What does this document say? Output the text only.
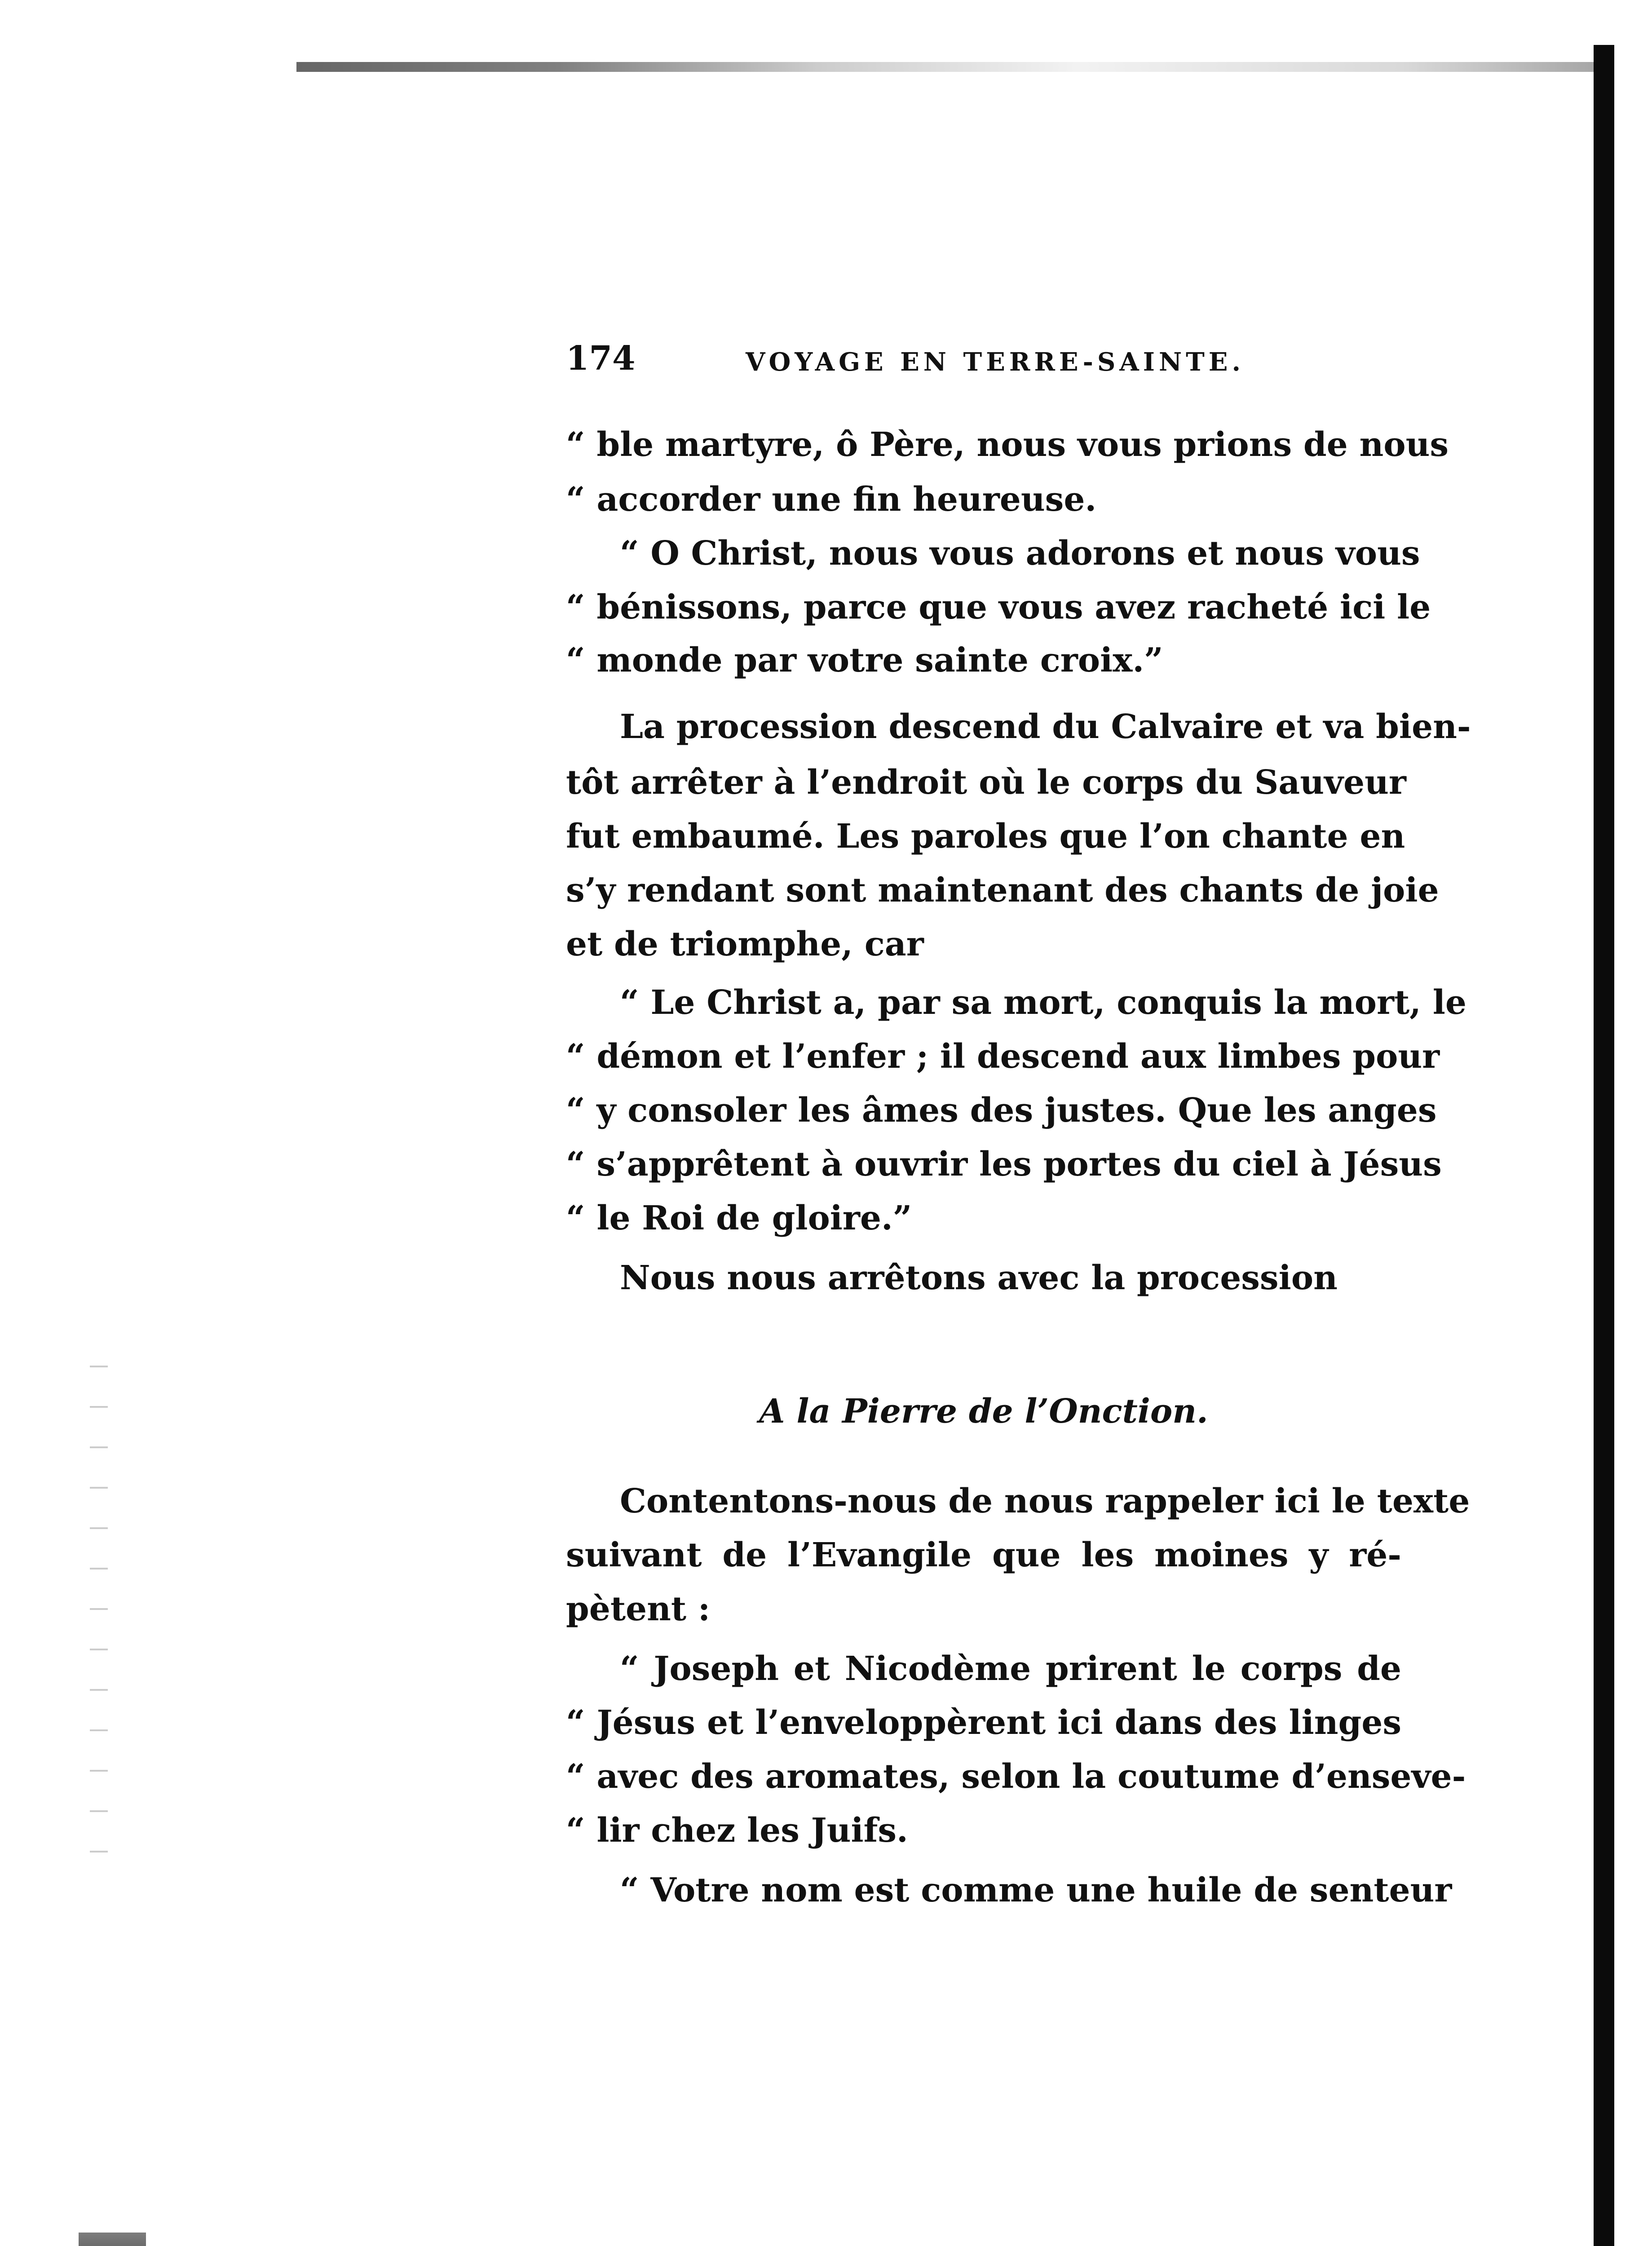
174	VOYAGE EN TERRE-SAINTE.
“ ble martyre, ô Père, nous vous prions de nous
“ accorder une fin heureuse.
“ O Christ, nous vous adorons et nous vous
“ bénissons, parce que vous avez racheté ici le
“ monde par votre sainte croix.”
La procession descend du Calvaire et va bien-
tôt arrêter à l’endroit où le corps du Sauveur
fut embaumé. Les paroles que l’on chante en
s’y rendant sont maintenant des chants de joie
et de triomphe, car
“ Le Christ a, par sa mort, conquis la mort, le
“ démon et l’enfer ; il descend aux limbes pour
“ y consoler les âmes des justes. Que les anges
“ s’apprêtent à ouvrir les portes du ciel à Jésus
“ le Roi de gloire.”
Nous nous arrêtons avec la procession
A la Pierre de l’Onction.
Contentons-nous de nous rappeler ici le texte
suivant de l’Evangile que les moines y ré-
pètent :
“ Joseph et Nicodème prirent le corps de
“ Jésus et l’enveloppèrent ici dans des linges
“ avec des aromates, selon la coutume d’enseve-
“ lir chez les Juifs.
“ Votre nom est comme une huile de senteur
